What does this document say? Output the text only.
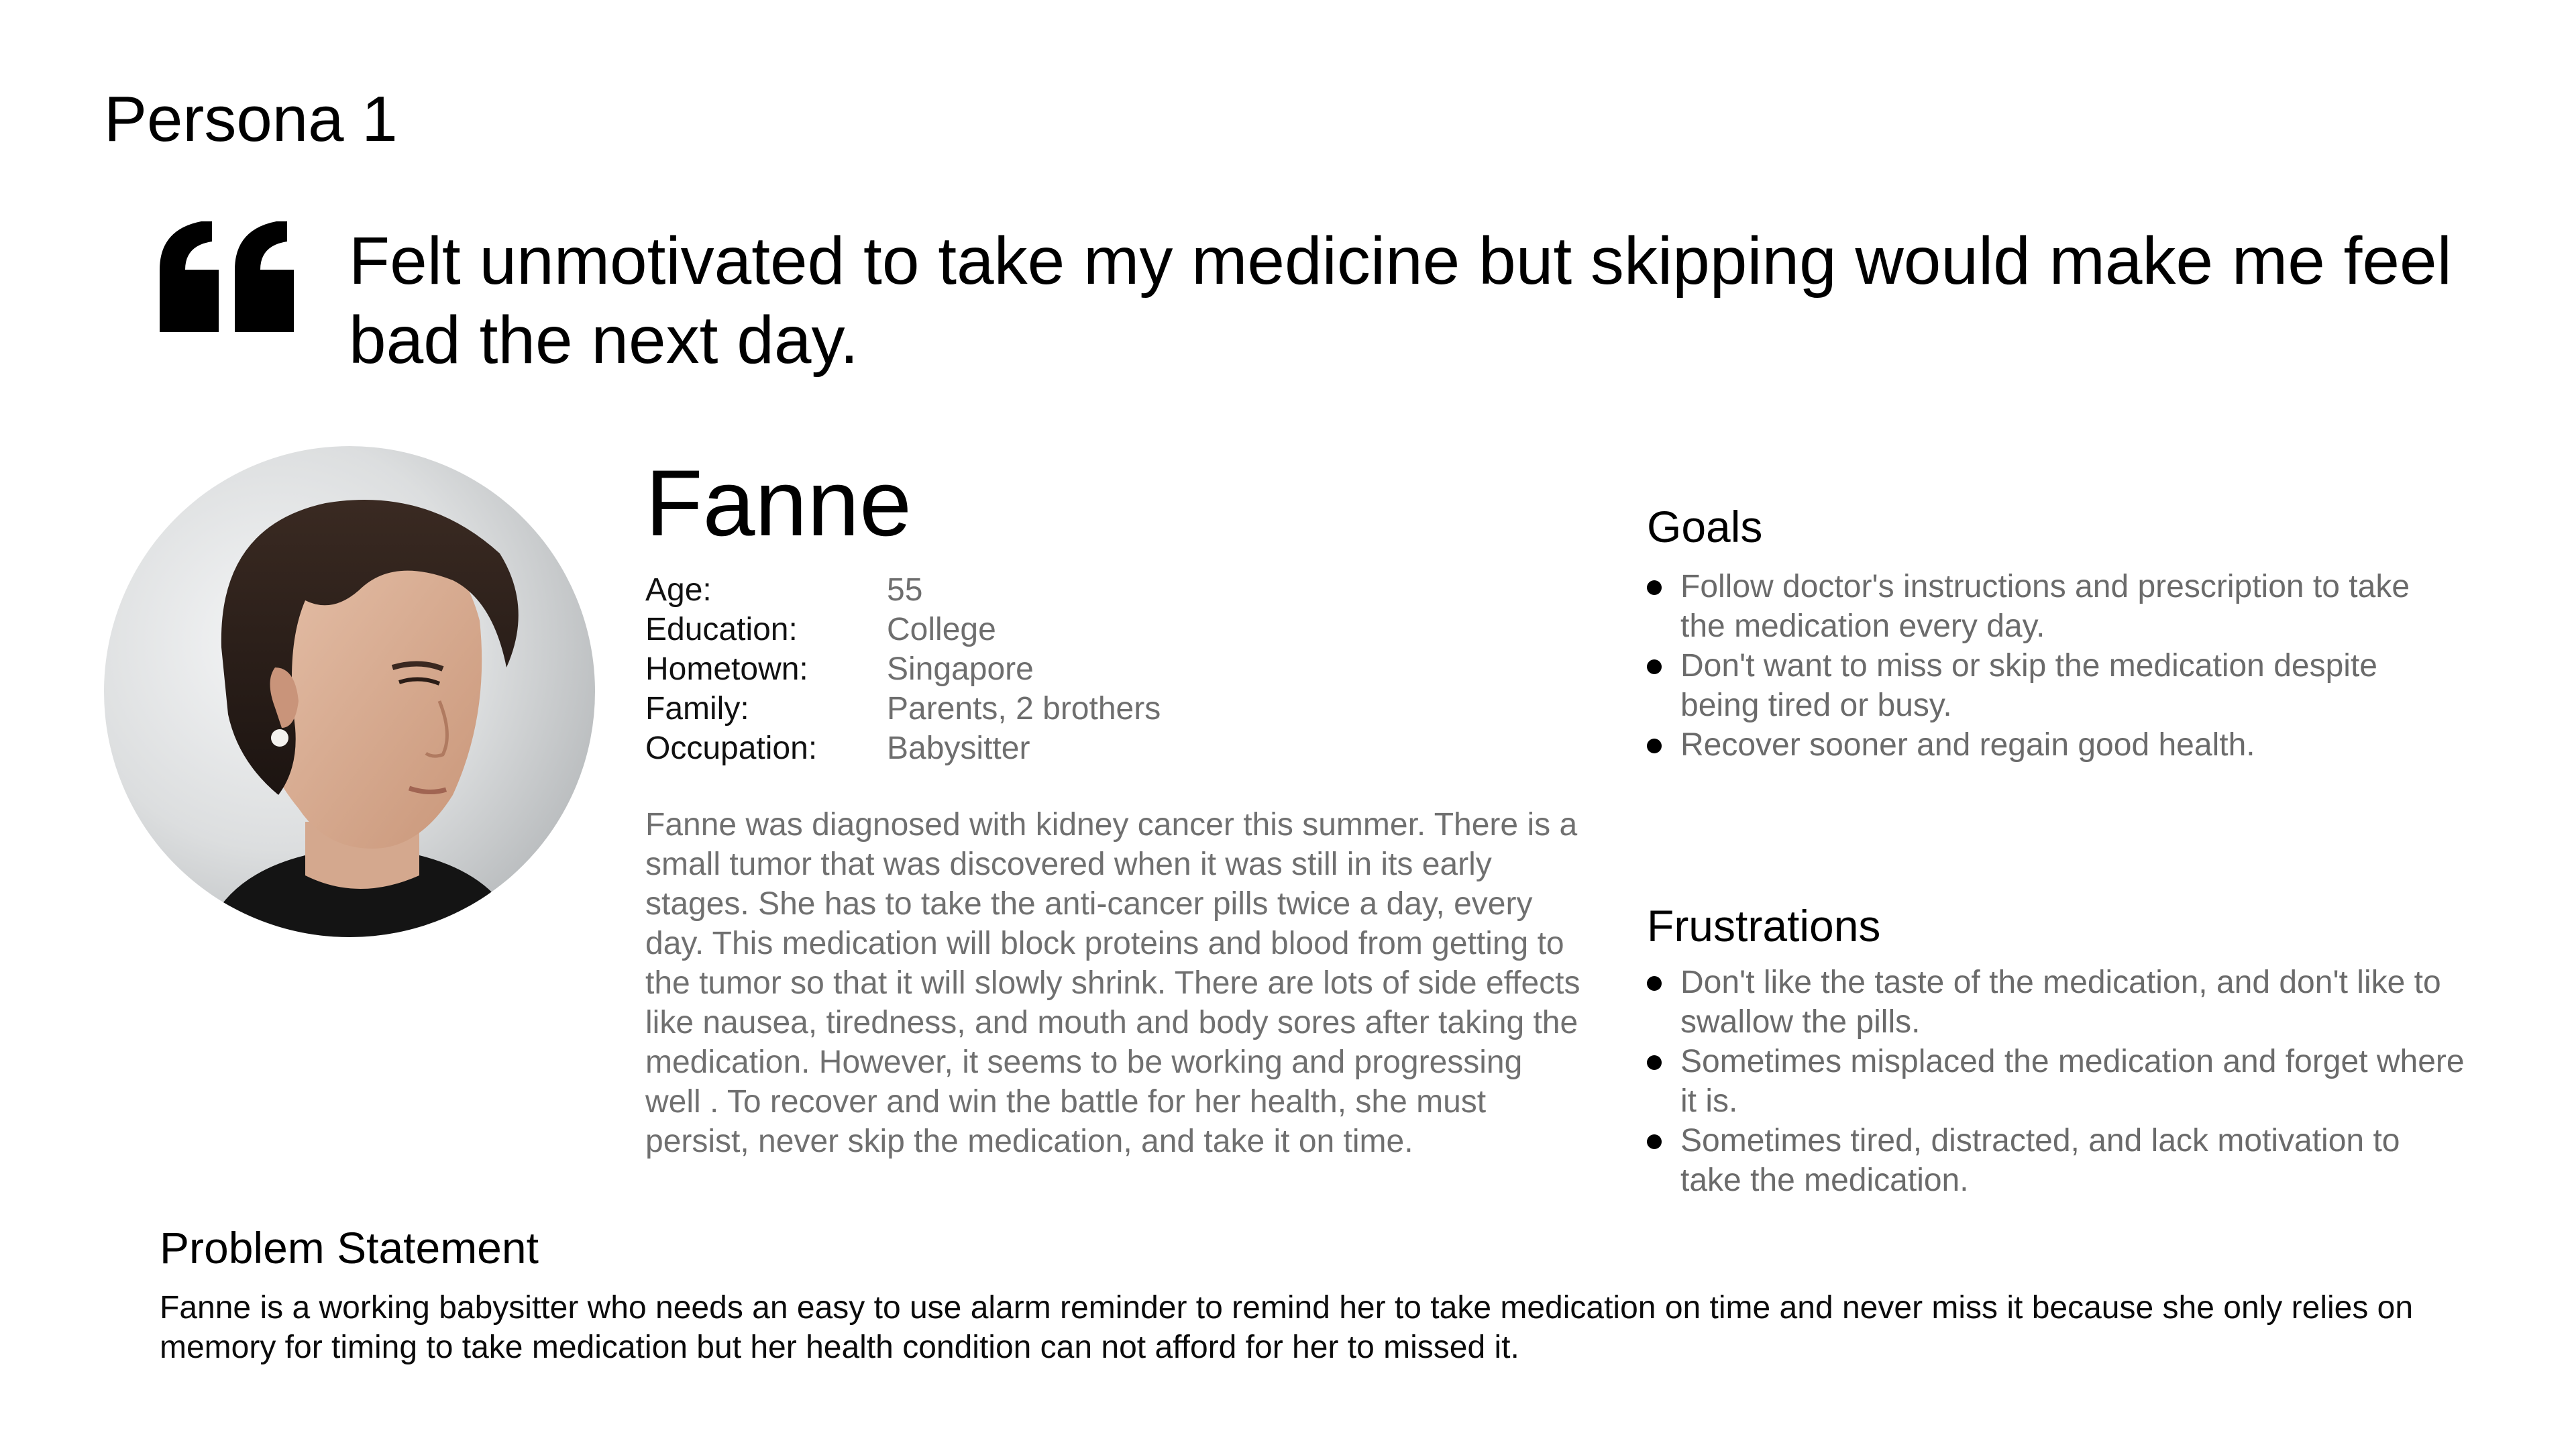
Persona 1

Felt unmotivated to take my medicine but skipping would make me feel bad the next day.

Fanne
Age:	55
Education:	College
Hometown:	Singapore
Family:	Parents, 2 brothers
Occupation:	Babysitter

Fanne was diagnosed with kidney cancer this summer. There is a small tumor that was discovered when it was still in its early stages. She has to take the anti-cancer pills twice a day, every day. This medication will block proteins and blood from getting to the tumor so that it will slowly shrink. There are lots of side effects like nausea, tiredness, and mouth and body sores after taking the medication. However, it seems to be working and progressing well . To recover and win the battle for her health, she must persist, never skip the medication, and take it on time.

Goals
Follow doctor's instructions and prescription to take the medication every day.
Don't want to miss or skip the medication despite being tired or busy.
Recover sooner and regain good health.
Frustrations
Don't like the taste of the medication, and don't like to swallow the pills.
Sometimes misplaced the medication and forget where it is.
Sometimes tired, distracted, and lack motivation to take the medication.
Problem Statement

Fanne is a working babysitter who needs an easy to use alarm reminder to remind her to take medication on time and never miss it because she only relies on memory for timing to take medication but her health condition can not afford for her to missed it.
